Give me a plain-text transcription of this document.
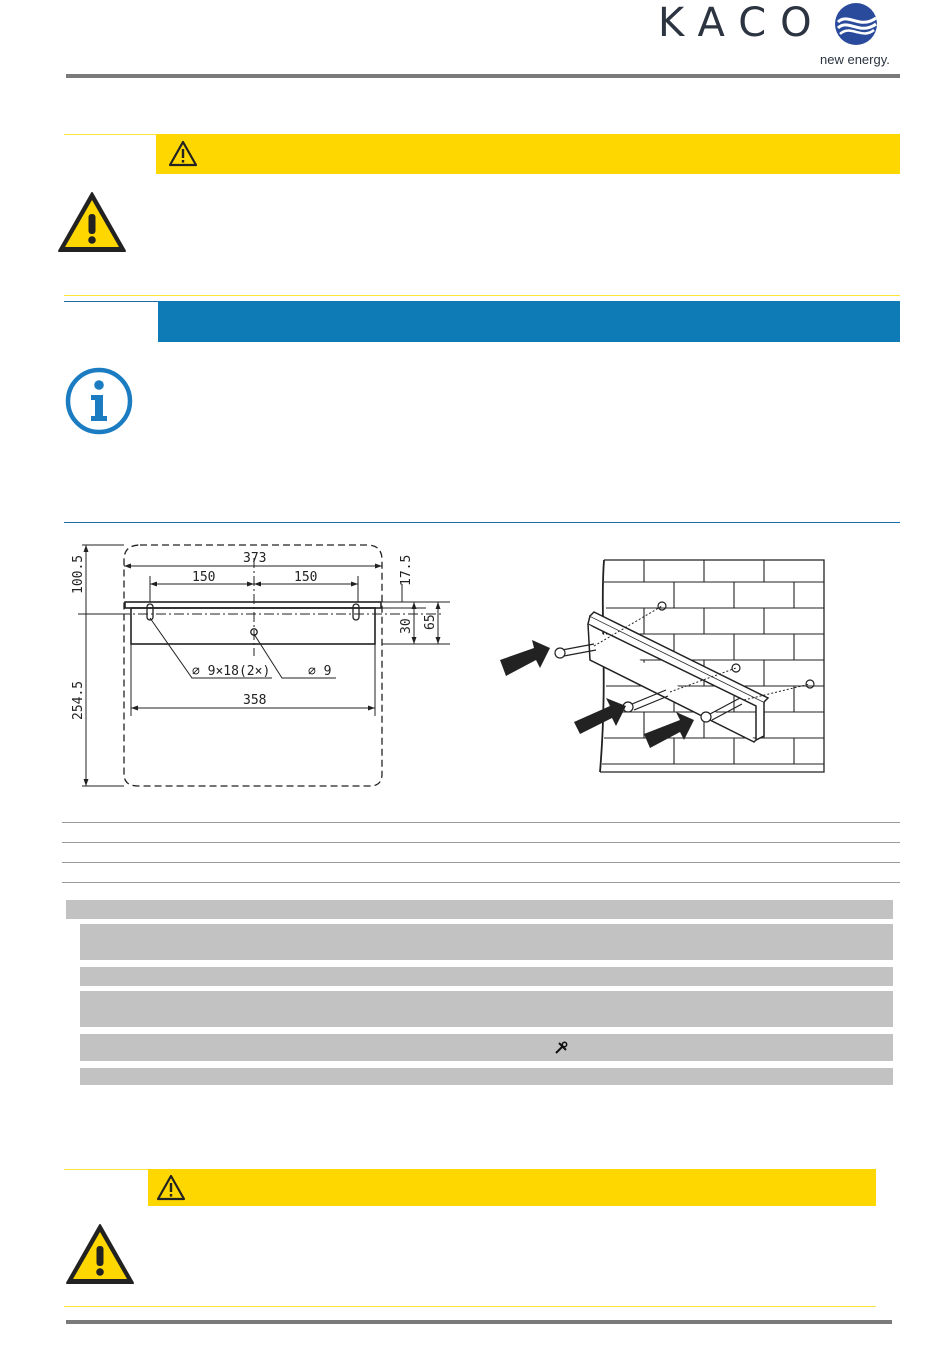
KACO
new energy.
373
150	150
358
∅ 9×18(2×)	∅ 9
100.5
254.5
17.5
30 65
